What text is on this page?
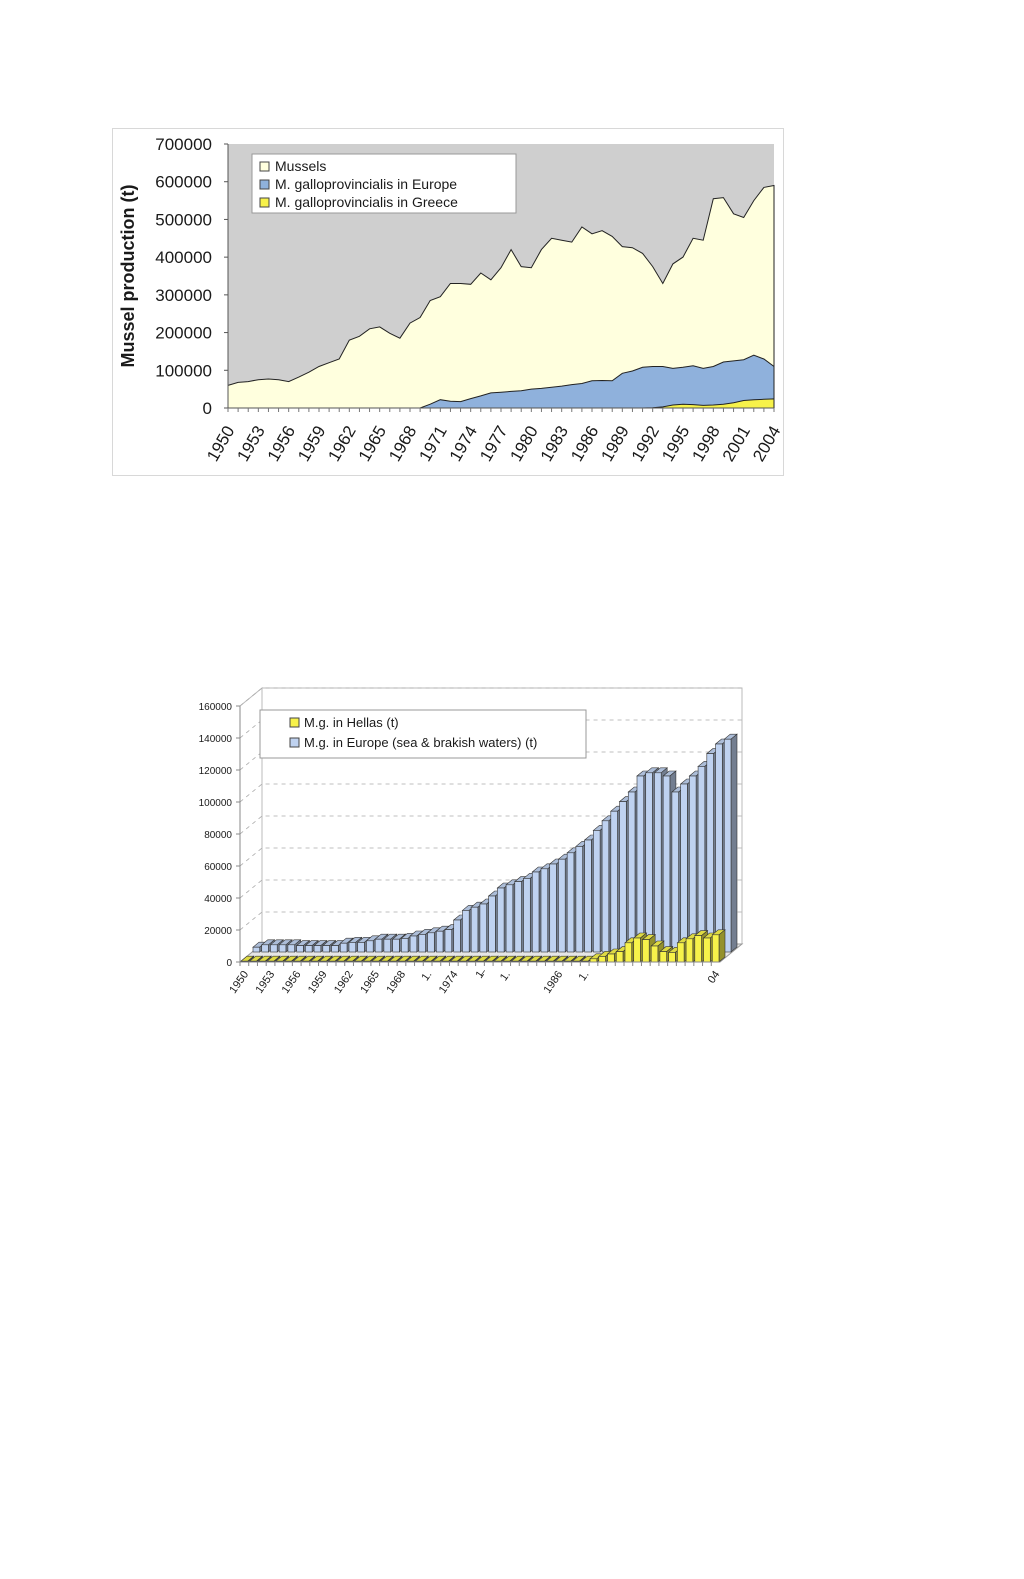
0
100000
200000
300000
400000
500000
600000
700000
1950
1953
1956
1959
1962
1965
1968
1971
1974
1977
1980
1983
1986
1989
1992
1995
1998
2001
2004
Mussel production (t)
Mussels
M. galloprovincialis in Europe
M. galloprovincialis in Greece
0
20000
40000
60000
80000
100000
120000
140000
160000
1950 1953 1956 1959 1962 1965 1968 1. 1974 1̶ 1.	1986 1.	04
M.g. in Hellas (t)
M.g. in Europe (sea & brakish waters) (t)
